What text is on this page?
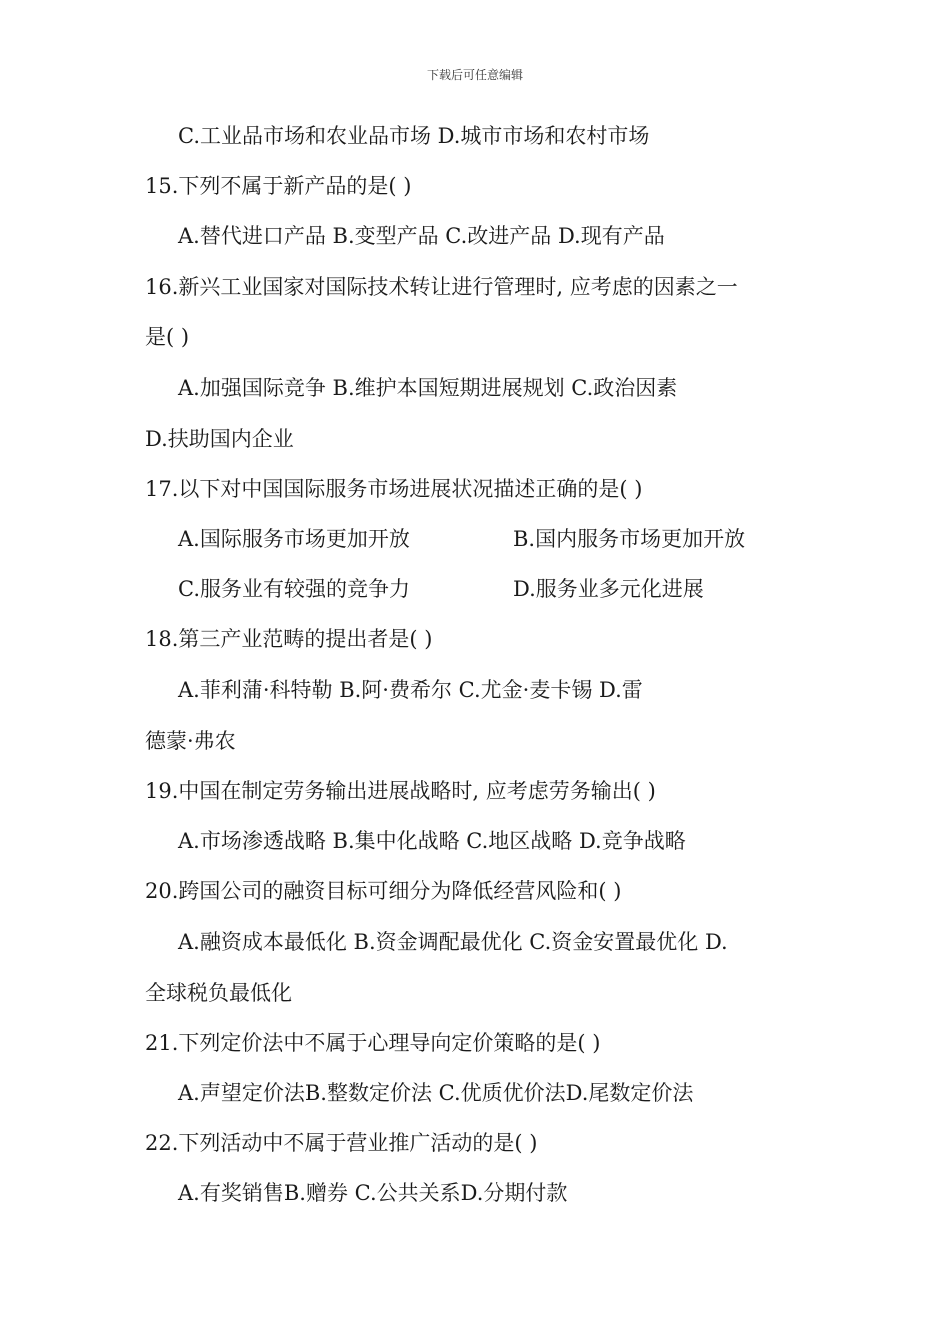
下载后可任意编辑
C.工业品市场和农业品市场 D.城市市场和农村市场
15.下列不属于新产品的是( )
A.替代进口产品 B.变型产品 C.改进产品 D.现有产品
16.新兴工业国家对国际技术转让进行管理时, 应考虑的因素之一
是( )
A.加强国际竞争 B.维护本国短期进展规划 C.政治因素
D.扶助国内企业
17.以下对中国国际服务市场进展状况描述正确的是( )
A.国际服务市场更加开放	B.国内服务市场更加开放
C.服务业有较强的竞争力	D.服务业多元化进展
18.第三产业范畴的提出者是( )
A.菲利蒲·科特勒 B.阿·费希尔 C.尤金·麦卡锡 D.雷
德蒙·弗农
19.中国在制定劳务输出进展战略时, 应考虑劳务输出( )
A.市场渗透战略 B.集中化战略 C.地区战略 D.竞争战略
20.跨国公司的融资目标可细分为降低经营风险和( )
A.融资成本最低化 B.资金调配最优化 C.资金安置最优化 D.
全球税负最低化
21.下列定价法中不属于心理导向定价策略的是( )
A.声望定价法B.整数定价法 C.优质优价法D.尾数定价法
22.下列活动中不属于营业推广活动的是( )
A.有奖销售B.赠券 C.公共关系D.分期付款
